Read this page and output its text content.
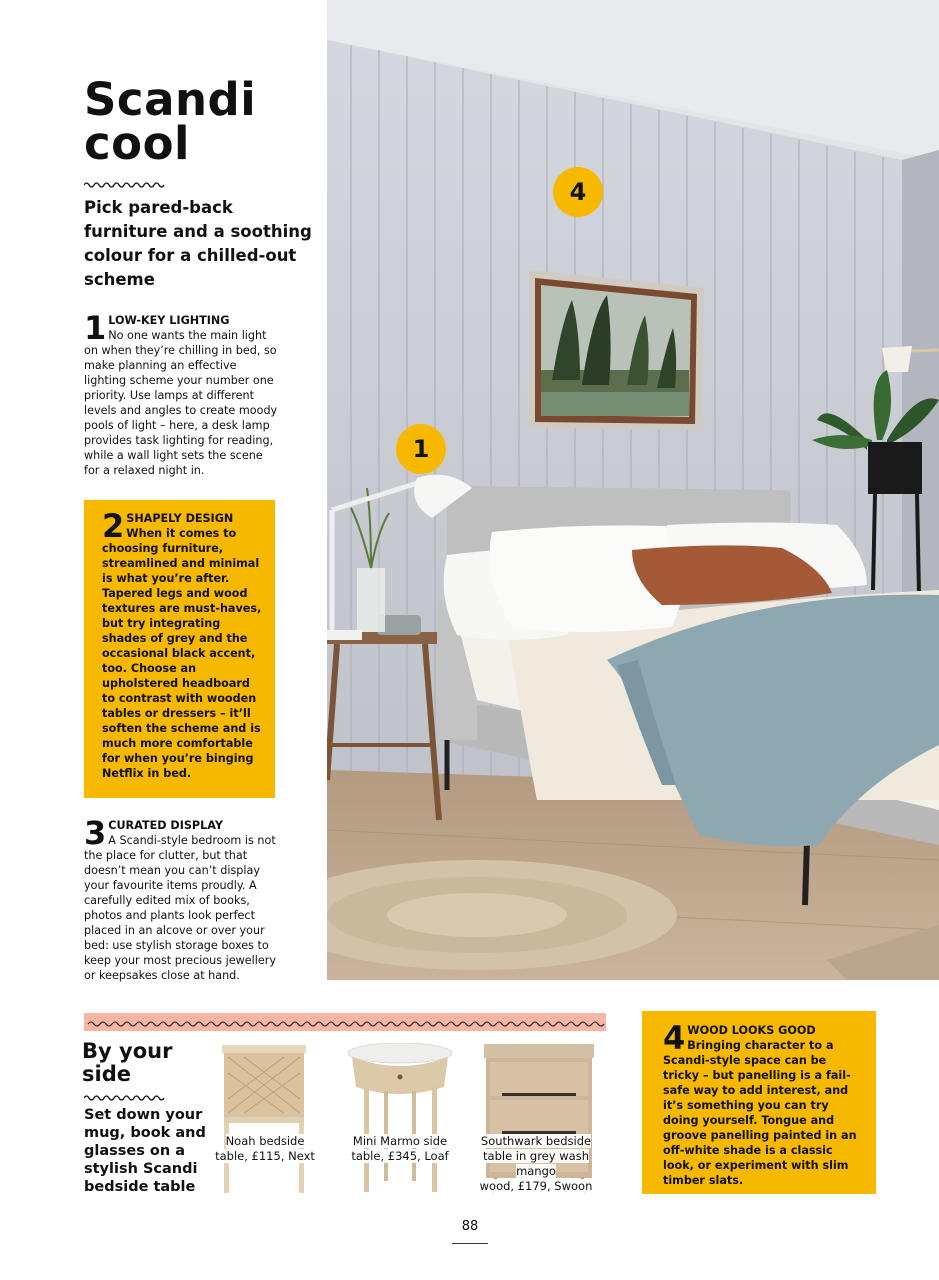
Scandi
cool

Pick pared-back furniture and a soothing colour for a chilled-out scheme

1 LOW-KEY LIGHTING
No one wants the main light on when they’re chilling in bed, so make planning an effective lighting scheme your number one priority. Use lamps at different levels and angles to create moody pools of light – here, a desk lamp provides task lighting for reading, while a wall light sets the scene for a relaxed night in.
2 SHAPELY DESIGN
When it comes to choosing furniture, streamlined and minimal is what you’re after. Tapered legs and wood textures are must-haves, but try integrating shades of grey and the occasional black accent, too. Choose an upholstered headboard to contrast with wooden tables or dressers – it’ll soften the scheme and is much more comfortable for when you’re binging Netflix in bed.
3 CURATED DISPLAY
A Scandi-style bedroom is not the place for clutter, but that doesn’t mean you can’t display your favourite items proudly. A carefully edited mix of books, photos and plants look perfect placed in an alcove or over your bed: use stylish storage boxes to keep your most precious jewellery or keepsakes close at hand.
4
1
By your side

Set down your mug, book and glasses on a stylish Scandi bedside table

Noah bedside
table, £115, Next
Mini Marmo side
table, £345, Loaf
Southwark bedside
table in grey wash mango
wood, £179, Swoon
4 WOOD LOOKS GOOD
Bringing character to a Scandi-style space can be tricky – but panelling is a fail-safe way to add interest, and it’s something you can try doing yourself. Tongue and groove panelling painted in an off-white shade is a classic look, or experiment with slim timber slats.
88
